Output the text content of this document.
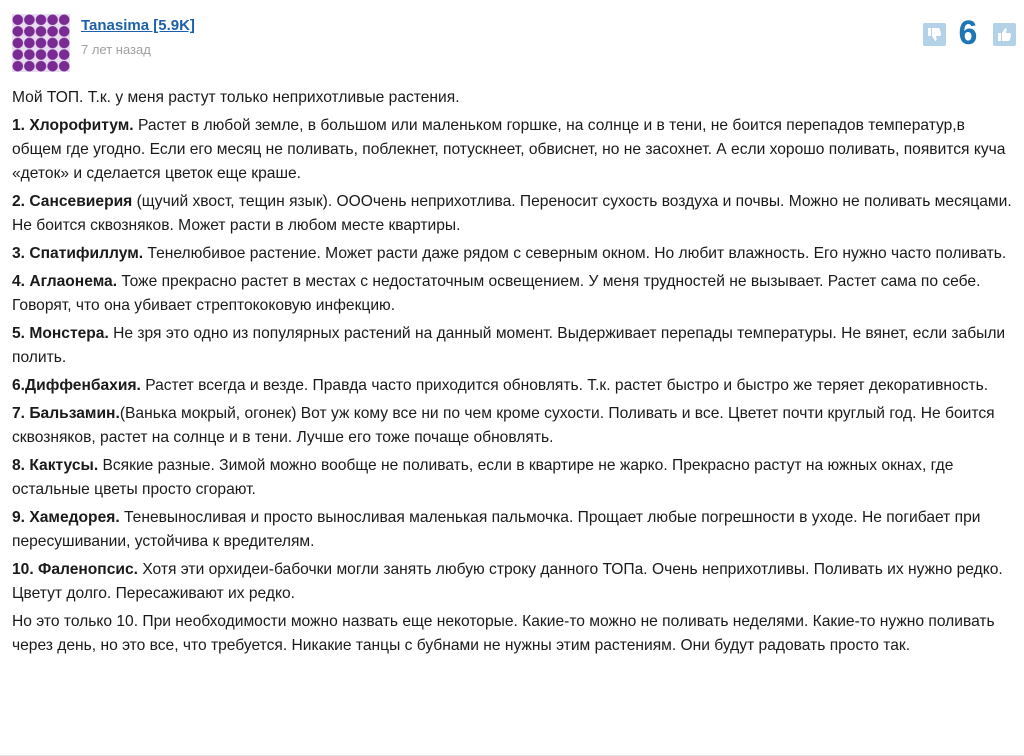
Tanasima [5.9K]
7 лет назад	6

Мой ТОП. Т.к. у меня растут только неприхотливые растения.

1. Хлорофитум. Растет в любой земле, в большом или маленьком горшке, на солнце и в тени, не боится перепадов температур,в общем где угодно. Если его месяц не поливать, поблекнет, потускнеет, обвиснет, но не засохнет. А если хорошо поливать, появится куча «деток» и сделается цветок еще краше.

2. Сансевиерия (щучий хвост, тещин язык). ОООчень неприхотлива. Переносит сухость воздуха и почвы. Можно не поливать месяцами. Не боится сквозняков. Может расти в любом месте квартиры.

3. Спатифиллум. Тенелюбивое растение. Может расти даже рядом с северным окном. Но любит влажность. Его нужно часто поливать.

4. Аглаонема. Тоже прекрасно растет в местах с недостаточным освещением. У меня трудностей не вызывает. Растет сама по себе. Говорят, что она убивает стрептококовую инфекцию.

5. Монстера. Не зря это одно из популярных растений на данный момент. Выдерживает перепады температуры. Не вянет, если забыли полить.

6.Диффенбахия. Растет всегда и везде. Правда часто приходится обновлять. Т.к. растет быстро и быстро же теряет декоративность.

7. Бальзамин.(Ванька мокрый, огонек) Вот уж кому все ни по чем кроме сухости. Поливать и все. Цветет почти круглый год. Не боится сквозняков, растет на солнце и в тени. Лучше его тоже почаще обновлять.

8. Кактусы. Всякие разные. Зимой можно вообще не поливать, если в квартире не жарко. Прекрасно растут на южных окнах, где остальные цветы просто сгорают.

9. Хамедорея. Теневыносливая и просто выносливая маленькая пальмочка. Прощает любые погрешности в уходе. Не погибает при пересушивании, устойчива к вредителям.

10. Фаленопсис. Хотя эти орхидеи-бабочки могли занять любую строку данного ТОПа. Очень неприхотливы. Поливать их нужно редко. Цветут долго. Пересаживают их редко.

Но это только 10. При необходимости можно назвать еще некоторые. Какие-то можно не поливать неделями. Какие-то нужно поливать через день, но это все, что требуется. Никакие танцы с бубнами не нужны этим растениям. Они будут радовать просто так.
